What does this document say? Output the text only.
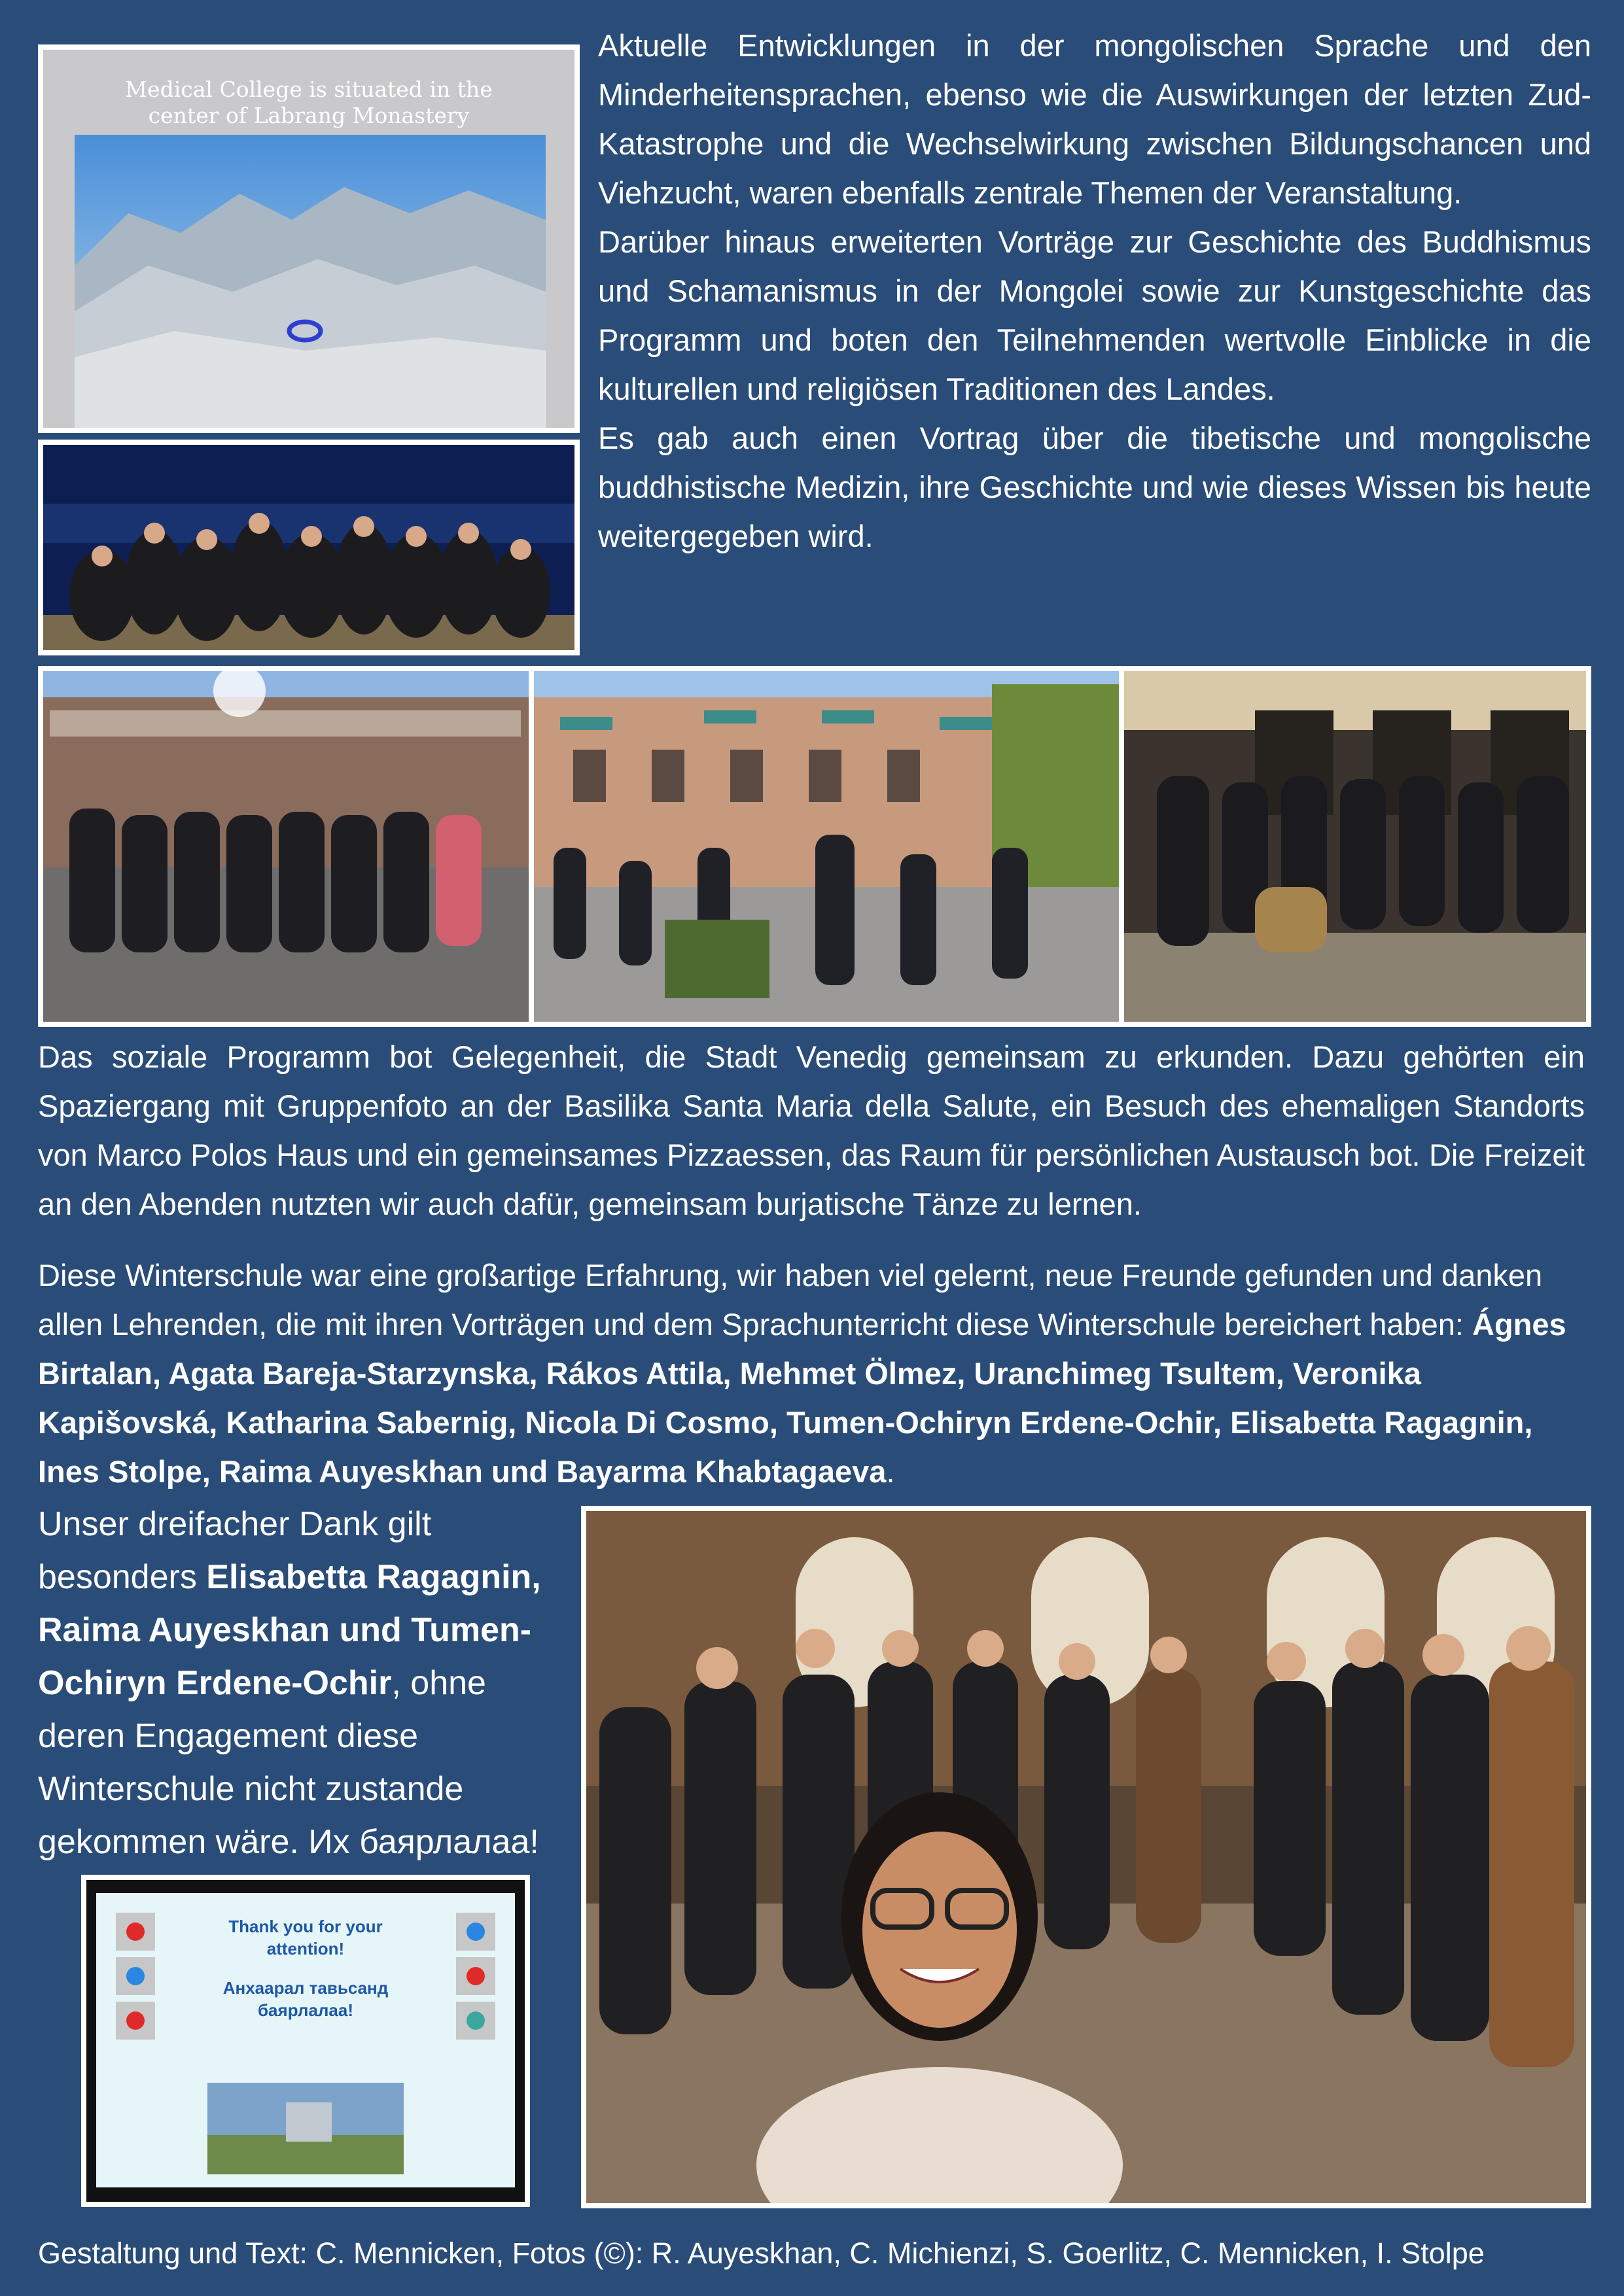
Medical College is situated in the
center of Labrang Monastery

Aktuelle Entwicklungen in der mongolischen Sprache und den Minderheitensprachen, ebenso wie die Auswirkungen der letzten Zud-Katastrophe und die Wechselwirkung zwischen Bildungschancen und Viehzucht, waren ebenfalls zentrale Themen der Veranstaltung.

Darüber hinaus erweiterten Vorträge zur Geschichte des Buddhismus und Schamanismus in der Mongolei sowie zur Kunstgeschichte das Programm und boten den Teilnehmenden wertvolle Einblicke in die kulturellen und religiösen Traditionen des Landes.

Es gab auch einen Vortrag über die tibetische und mongolische buddhistische Medizin, ihre Geschichte und wie dieses Wissen bis heute weitergegeben wird.

Das soziale Programm bot Gelegenheit, die Stadt Venedig gemeinsam zu erkunden. Dazu gehörten ein Spaziergang mit Gruppenfoto an der Basilika Santa Maria della Salute, ein Besuch des ehemaligen Standorts von Marco Polos Haus und ein gemeinsames Pizzaessen, das Raum für persönlichen Austausch bot. Die Freizeit an den Abenden nutzten wir auch dafür, gemeinsam burjatische Tänze zu lernen.

Diese Winterschule war eine großartige Erfahrung, wir haben viel gelernt, neue Freunde gefunden und danken allen Lehrenden, die mit ihren Vorträgen und dem Sprachunterricht diese Winterschule bereichert haben: Ágnes Birtalan, Agata Bareja-Starzynska, Rákos Attila, Mehmet Ölmez, Uranchimeg Tsultem, Veronika Kapišovská, Katharina Sabernig, Nicola Di Cosmo, Tumen-Ochiryn Erdene-Ochir, Elisabetta Ragagnin, Ines Stolpe, Raima Auyeskhan und Bayarma Khabtagaeva.

Unser dreifacher Dank gilt besonders Elisabetta Ragagnin, Raima Auyeskhan und Tumen-Ochiryn Erdene-Ochir, ohne deren Engagement diese Winterschule nicht zustande gekommen wäre. Их баярлалаа!

Thank you for your
attention!
Анхаарал тавьсанд
баярлалаа!
Gestaltung und Text: C. Mennicken, Fotos (©): R. Auyeskhan, C. Michienzi, S. Goerlitz, C. Mennicken, I. Stolpe
